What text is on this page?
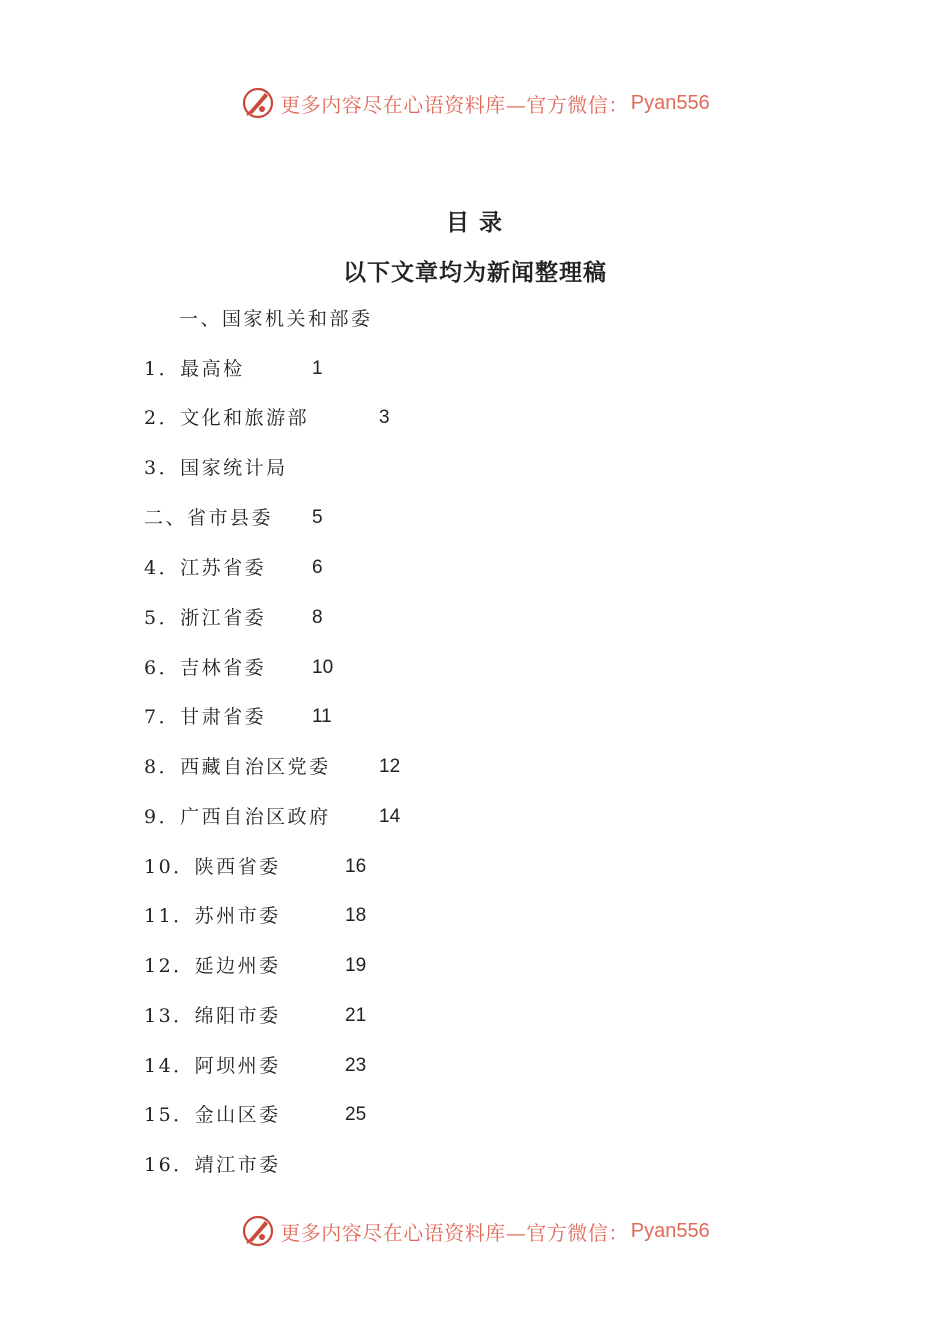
更多内容尽在心语资料库—官方微信： Pyan556
目录
以下文章均为新闻整理稿
一、国家机关和部委
1．最高检	1
2．文化和旅游部	3
3．国家统计局
二、省市县委 5
4．江苏省委 6
5．浙江省委 8
6．吉林省委 10
7．甘肃省委 11
8．西藏自治区党委	12
9．广西自治区政府	14
10．陕西省委	16
11．苏州市委	18
12．延边州委	19
13．绵阳市委	21
14．阿坝州委	23
15．金山区委	25
16．靖江市委
更多内容尽在心语资料库—官方微信： Pyan556
